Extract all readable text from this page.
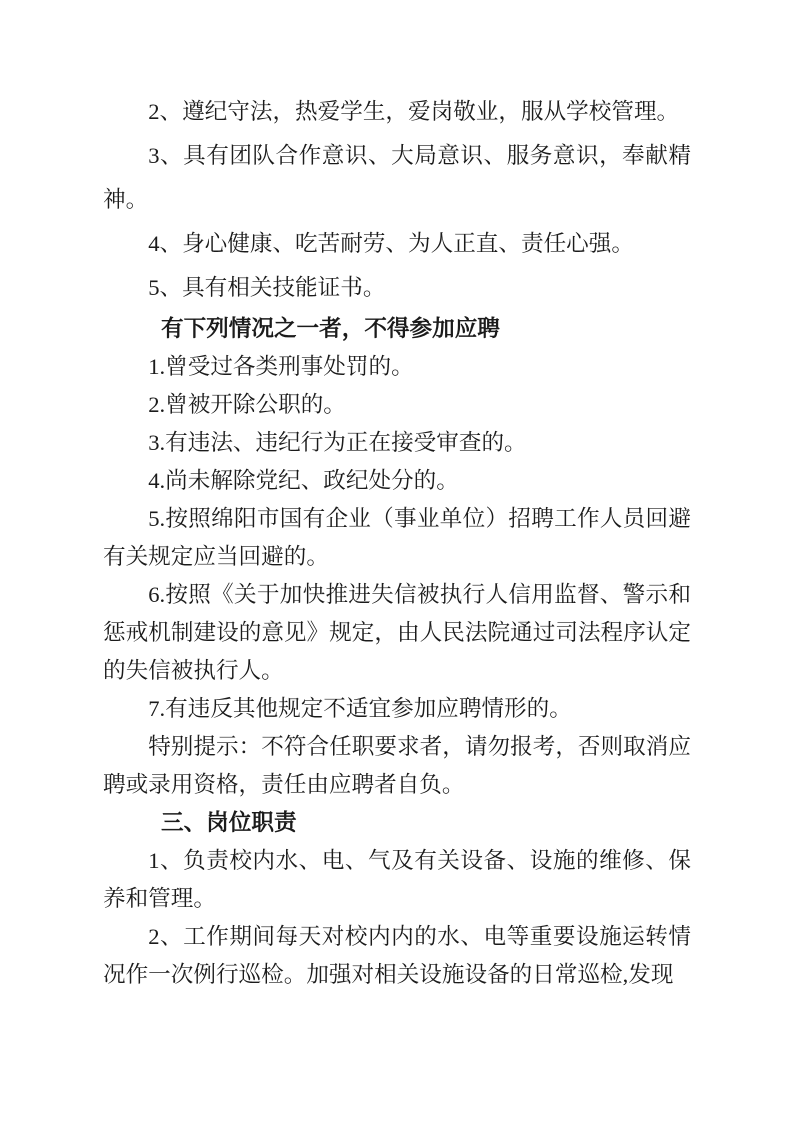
2、遵纪守法，热爱学生，爱岗敬业，服从学校管理。

3、具有团队合作意识、大局意识、服务意识，奉献精神。

4、身心健康、吃苦耐劳、为人正直、责任心强。

5、具有相关技能证书。

有下列情况之一者，不得参加应聘

1.曾受过各类刑事处罚的。

2.曾被开除公职的。

3.有违法、违纪行为正在接受审查的。

4.尚未解除党纪、政纪处分的。

5.按照绵阳市国有企业（事业单位）招聘工作人员回避有关规定应当回避的。

6.按照《关于加快推进失信被执行人信用监督、警示和惩戒机制建设的意见》规定，由人民法院通过司法程序认定的失信被执行人。

7.有违反其他规定不适宜参加应聘情形的。

特别提示：不符合任职要求者，请勿报考，否则取消应聘或录用资格，责任由应聘者自负。

三、岗位职责

1、负责校内水、电、气及有关设备、设施的维修、保养和管理。

2、工作期间每天对校内内的水、电等重要设施运转情况作一次例行巡检。加强对相关设施设备的日常巡检,发现
